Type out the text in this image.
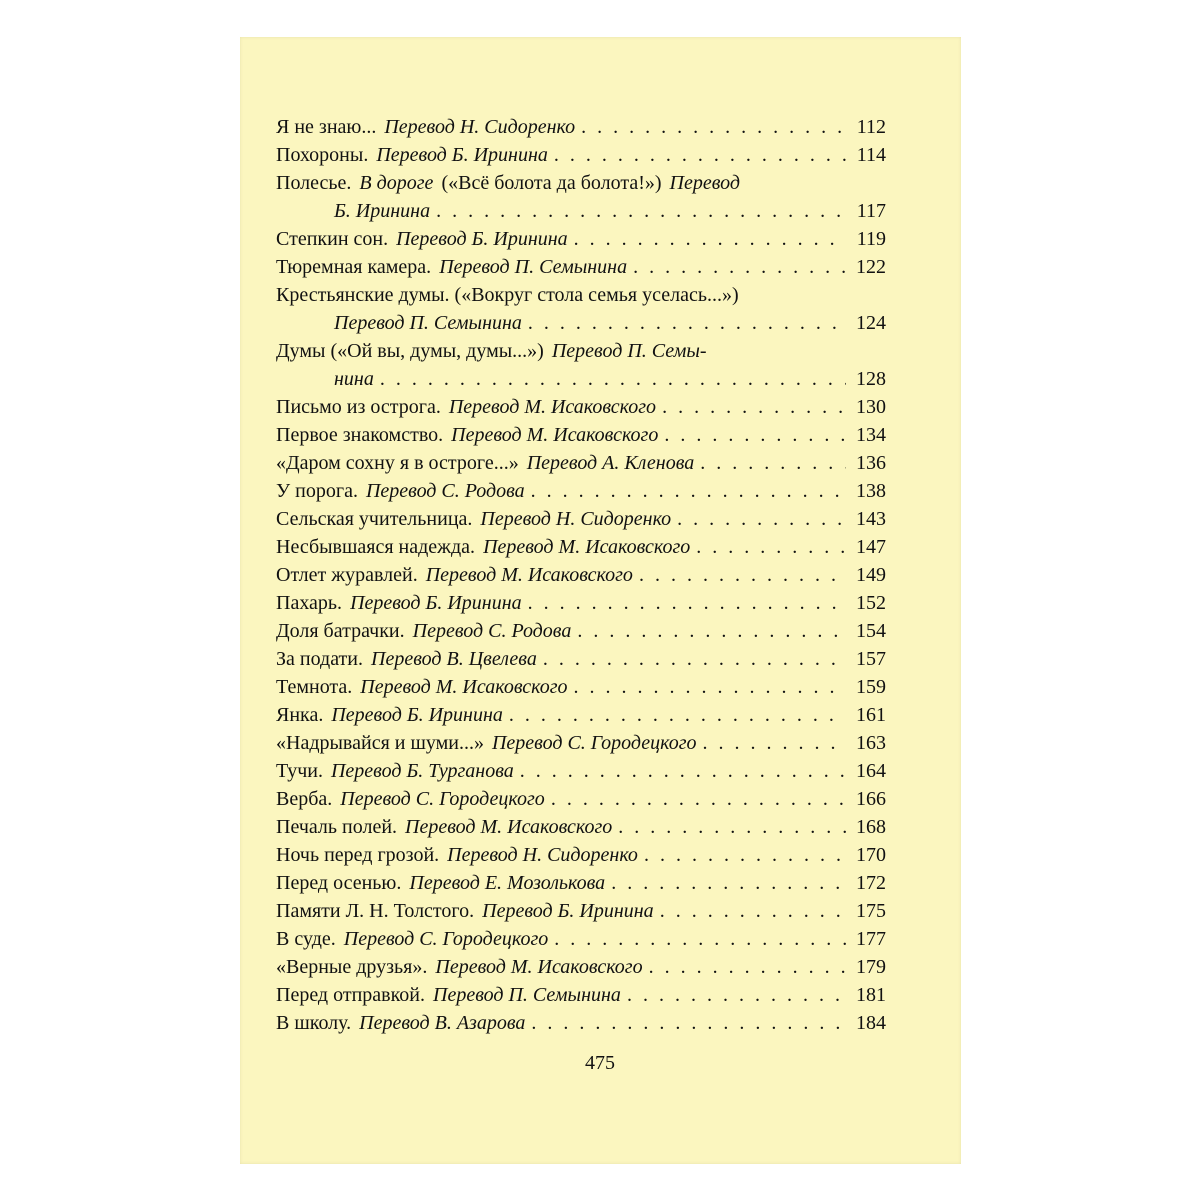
Я не знаю... Перевод Н. Сидоренко . . .	112
Похороны. Перевод Б. Иринина . . .	114
Полесье. В дороге («Всё болота да болота!») Перевод
Б. Иринина . . .	117
Степкин сон. Перевод Б. Иринина . . .	119
Тюремная камера. Перевод П. Семынина . . .	122
Крестьянские думы. («Вокруг стола семья уселась...»)
Перевод П. Семынина . . .	124
Думы («Ой вы, думы, думы...») Перевод П. Семы-
нина . . .	128
Письмо из острога. Перевод М. Исаковского . . .	130
Первое знакомство. Перевод М. Исаковского . . .	134
«Даром сохну я в остроге...» Перевод А. Кленова . . .	136
У порога. Перевод С. Родова . . .	138
Сельская учительница. Перевод Н. Сидоренко . . .	143
Несбывшаяся надежда. Перевод М. Исаковского . . .	147
Отлет журавлей. Перевод М. Исаковского . . .	149
Пахарь. Перевод Б. Иринина . . .	152
Доля батрачки. Перевод С. Родова . . .	154
За подати. Перевод В. Цвелева . . .	157
Темнота. Перевод М. Исаковского . . .	159
Янка. Перевод Б. Иринина . . .	161
«Надрывайся и шуми...» Перевод С. Городецкого . . .	163
Тучи. Перевод Б. Турганова . . .	164
Верба. Перевод С. Городецкого . . .	166
Печаль полей. Перевод М. Исаковского . . .	168
Ночь перед грозой. Перевод Н. Сидоренко . . .	170
Перед осенью. Перевод Е. Мозолькова . . .	172
Памяти Л. Н. Толстого. Перевод Б. Иринина . . .	175
В суде. Перевод С. Городецкого . . .	177
«Верные друзья». Перевод М. Исаковского . . .	179
Перед отправкой. Перевод П. Семынина . . .	181
В школу. Перевод В. Азарова . . .	184
475
